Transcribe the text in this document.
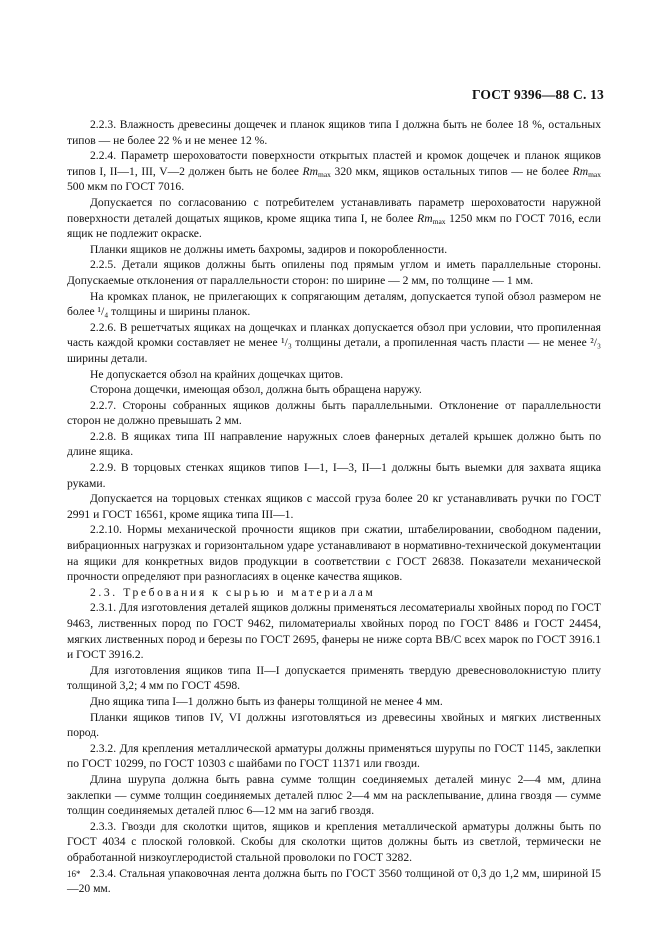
ГОСТ 9396—88 С. 13

2.2.3. Влажность древесины дощечек и планок ящиков типа I должна быть не более 18 %, остальных типов — не более 22 % и не менее 12 %.

2.2.4. Параметр шероховатости поверхности открытых пластей и кромок дощечек и планок ящиков типов I, II—1, III, V—2 должен быть не более $Rm_{max}$ 320 мкм, ящиков остальных типов — не более $Rm_{max}$ 500 мкм по ГОСТ 7016.

Допускается по согласованию с потребителем устанавливать параметр шероховатости наружной поверхности деталей дощатых ящиков, кроме ящика типа I, не более $Rm_{max}$ 1250 мкм по ГОСТ 7016, если ящик не подлежит окраске.

Планки ящиков не должны иметь бахромы, задиров и покоробленности.

2.2.5. Детали ящиков должны быть опилены под прямым углом и иметь параллельные стороны. Допускаемые отклонения от параллельности сторон: по ширине — 2 мм, по толщине — 1 мм.

На кромках планок, не прилегающих к сопрягающим деталям, допускается тупой обзол размером не более ¹/₄ толщины и ширины планок.

2.2.6. В решетчатых ящиках на дощечках и планках допускается обзол при условии, что пропиленная часть каждой кромки составляет не менее ¹/₃ толщины детали, а пропиленная часть пласти — не менее ²/₃ ширины детали.

Не допускается обзол на крайних дощечках щитов.

Сторона дощечки, имеющая обзол, должна быть обращена наружу.

2.2.7. Стороны собранных ящиков должны быть параллельными. Отклонение от параллельности сторон не должно превышать 2 мм.

2.2.8. В ящиках типа III направление наружных слоев фанерных деталей крышек должно быть по длине ящика.

2.2.9. В торцовых стенках ящиков типов I—1, I—3, II—1 должны быть выемки для захвата ящика руками.

Допускается на торцовых стенках ящиков с массой груза более 20 кг устанавливать ручки по ГОСТ 2991 и ГОСТ 16561, кроме ящика типа III—1.

2.2.10. Нормы механической прочности ящиков при сжатии, штабелировании, свободном падении, вибрационных нагрузках и горизонтальном ударе устанавливают в нормативно-технической документации на ящики для конкретных видов продукции в соответствии с ГОСТ 26838. Показатели механической прочности определяют при разногласиях в оценке качества ящиков.

2.3. Требования к сырью и материалам

2.3.1. Для изготовления деталей ящиков должны применяться лесоматериалы хвойных пород по ГОСТ 9463, лиственных пород по ГОСТ 9462, пиломатериалы хвойных пород по ГОСТ 8486 и ГОСТ 24454, мягких лиственных пород и березы по ГОСТ 2695, фанеры не ниже сорта ВВ/С всех марок по ГОСТ 3916.1 и ГОСТ 3916.2.

Для изготовления ящиков типа II—I допускается применять твердую древесноволокнистую плиту толщиной 3,2; 4 мм по ГОСТ 4598.

Дно ящика типа I—1 должно быть из фанеры толщиной не менее 4 мм.

Планки ящиков типов IV, VI должны изготовляться из древесины хвойных и мягких лиственных пород.

2.3.2. Для крепления металлической арматуры должны применяться шурупы по ГОСТ 1145, заклепки по ГОСТ 10299, по ГОСТ 10303 с шайбами по ГОСТ 11371 или гвозди.

Длина шурупа должна быть равна сумме толщин соединяемых деталей минус 2—4 мм, длина заклепки — сумме толщин соединяемых деталей плюс 2—4 мм на расклепывание, длина гвоздя — сумме толщин соединяемых деталей плюс 6—12 мм на загиб гвоздя.

2.3.3. Гвозди для сколотки щитов, ящиков и крепления металлической арматуры должны быть по ГОСТ 4034 с плоской головкой. Скобы для сколотки щитов должны быть из светлой, термически не обработанной низкоуглеродистой стальной проволоки по ГОСТ 3282.

2.3.4. Стальная упаковочная лента должна быть по ГОСТ 3560 толщиной от 0,3 до 1,2 мм, шириной I5—20 мм.

16*
